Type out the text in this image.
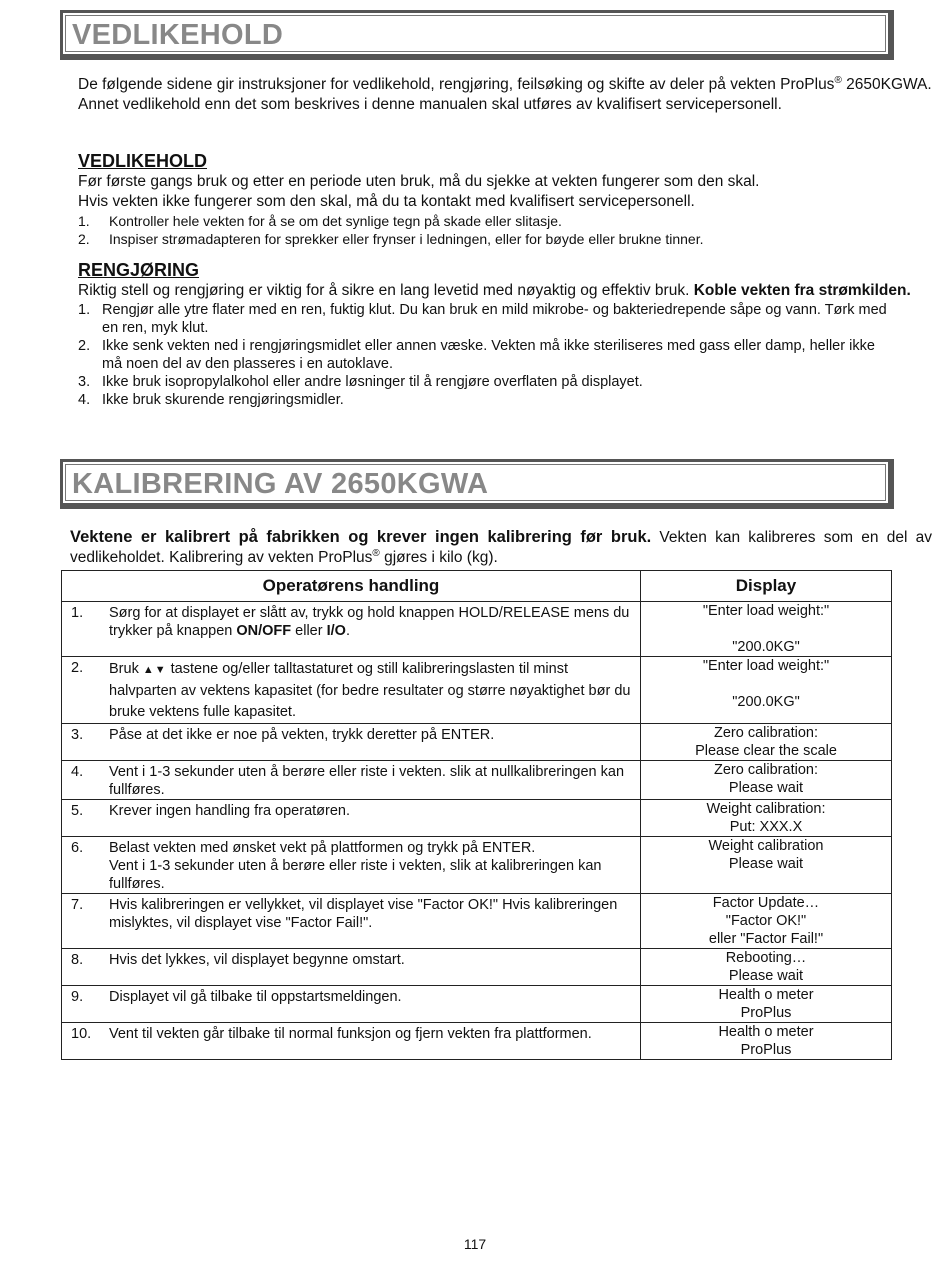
VEDLIKEHOLD

De følgende sidene gir instruksjoner for vedlikehold, rengjøring, feilsøking og skifte av deler på vekten ProPlus® 2650KGWA. Annet vedlikehold enn det som beskrives i denne manualen skal utføres av kvalifisert servicepersonell.

VEDLIKEHOLD

Før første gangs bruk og etter en periode uten bruk, må du sjekke at vekten fungerer som den skal.

Hvis vekten ikke fungerer som den skal, må du ta kontakt med kvalifisert servicepersonell.

1. Kontroller hele vekten for å se om det synlige tegn på skade eller slitasje.
2. Inspiser strømadapteren for sprekker eller frynser i ledningen, eller for bøyde eller brukne tinner.
RENGJØRING

Riktig stell og rengjøring er viktig for å sikre en lang levetid med nøyaktig og effektiv bruk. Koble vekten fra strømkilden.

1. Rengjør alle ytre flater med en ren, fuktig klut. Du kan bruk en mild mikrobe- og bakteriedrepende såpe og vann. Tørk med en ren, myk klut.
2. Ikke senk vekten ned i rengjøringsmidlet eller annen væske. Vekten må ikke steriliseres med gass eller damp, heller ikke må noen del av den plasseres i en autoklave.
3. Ikke bruk isopropylalkohol eller andre løsninger til å rengjøre overflaten på displayet.
4. Ikke bruk skurende rengjøringsmidler.
KALIBRERING AV 2650KGWA
Vektene er kalibrert på fabrikken og krever ingen kalibrering før bruk. Vekten kan kalibreres som en del av vedlikeholdet. Kalibrering av vekten ProPlus® gjøres i kilo (kg).
Operatørens handling	Display

1. Sørg for at displayet er slått av, trykk og hold knappen HOLD/RELEASE mens du trykker på knappen ON/OFF eller I/O.	"Enter load weight:"
"200.0KG"

2. Bruk ▲▼ tastene og/eller talltastaturet og still kalibreringslasten til minst halvparten av vektens kapasitet (for bedre resultater og større nøyaktighet bør du bruke vektens fulle kapasitet.	"Enter load weight:"
"200.0KG"

3. Påse at det ikke er noe på vekten, trykk deretter på ENTER.	Zero calibration:
Please clear the scale

4. Vent i 1-3 sekunder uten å berøre eller riste i vekten. slik at nullkalibreringen kan fullføres.	Zero calibration:
Please wait

5. Krever ingen handling fra operatøren.	Weight calibration:
Put: XXX.X

6. Belast vekten med ønsket vekt på plattformen og trykk på ENTER.
Vent i 1-3 sekunder uten å berøre eller riste i vekten, slik at kalibreringen kan fullføres.	Weight calibration
Please wait

7. Hvis kalibreringen er vellykket, vil displayet vise "Factor OK!" Hvis kalibreringen mislyktes, vil displayet vise "Factor Fail!".	Factor Update…
"Factor OK!"
eller "Factor Fail!"

8. Hvis det lykkes, vil displayet begynne omstart.	Rebooting…
Please wait

9. Displayet vil gå tilbake til oppstartsmeldingen.	Health o meter
ProPlus

10. Vent til vekten går tilbake til normal funksjon og fjern vekten fra plattformen.	Health o meter
ProPlus
117
